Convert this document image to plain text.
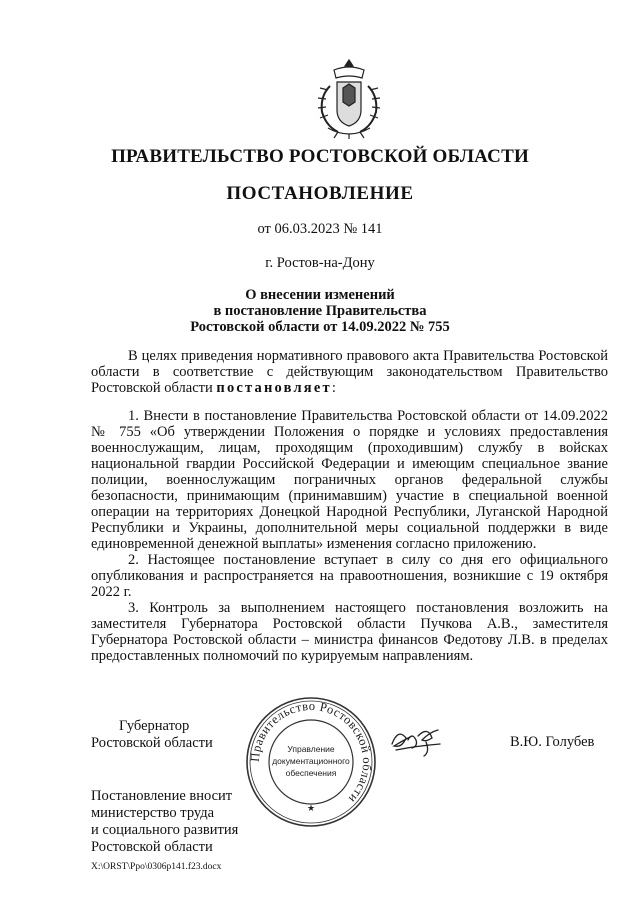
ПРАВИТЕЛЬСТВО РОСТОВСКОЙ ОБЛАСТИ
ПОСТАНОВЛЕНИЕ
от 06.03.2023 № 141
г. Ростов-на-Дону
О внесении изменений
в постановление Правительства
Ростовской области от 14.09.2022 № 755

В целях приведения нормативного правового акта Правительства Ростовской области в соответствие с действующим законодательством Правительство Ростовской области постановляет:

1. Внести в постановление Правительства Ростовской области от 14.09.2022 № 755 «Об утверждении Положения о порядке и условиях предоставления военнослужащим, лицам, проходящим (проходившим) службу в войсках национальной гвардии Российской Федерации и имеющим специальное звание полиции, военнослужащим пограничных органов федеральной службы безопасности, принимающим (принимавшим) участие в специальной военной операции на территориях Донецкой Народной Республики, Луганской Народной Республики и Украины, дополнительной меры социальной поддержки в виде единовременной денежной выплаты» изменения согласно приложению.

2. Настоящее постановление вступает в силу со дня его официального опубликования и распространяется на правоотношения, возникшие с 19 октября 2022 г.

3. Контроль за выполнением настоящего постановления возложить на заместителя Губернатора Ростовской области Пучкова А.В., заместителя Губернатора Ростовской области – министра финансов Федотову Л.В. в пределах предоставленных полномочий по курируемым направлениям.

Правительство Ростовской области
Управление
документационного
обеспечения
★
Губернатор
Ростовской области	В.Ю. Голубев
Постановление вносит
министерство труда
и социального развития
Ростовской области
X:\ORST\Ppo\0306p141.f23.docx
